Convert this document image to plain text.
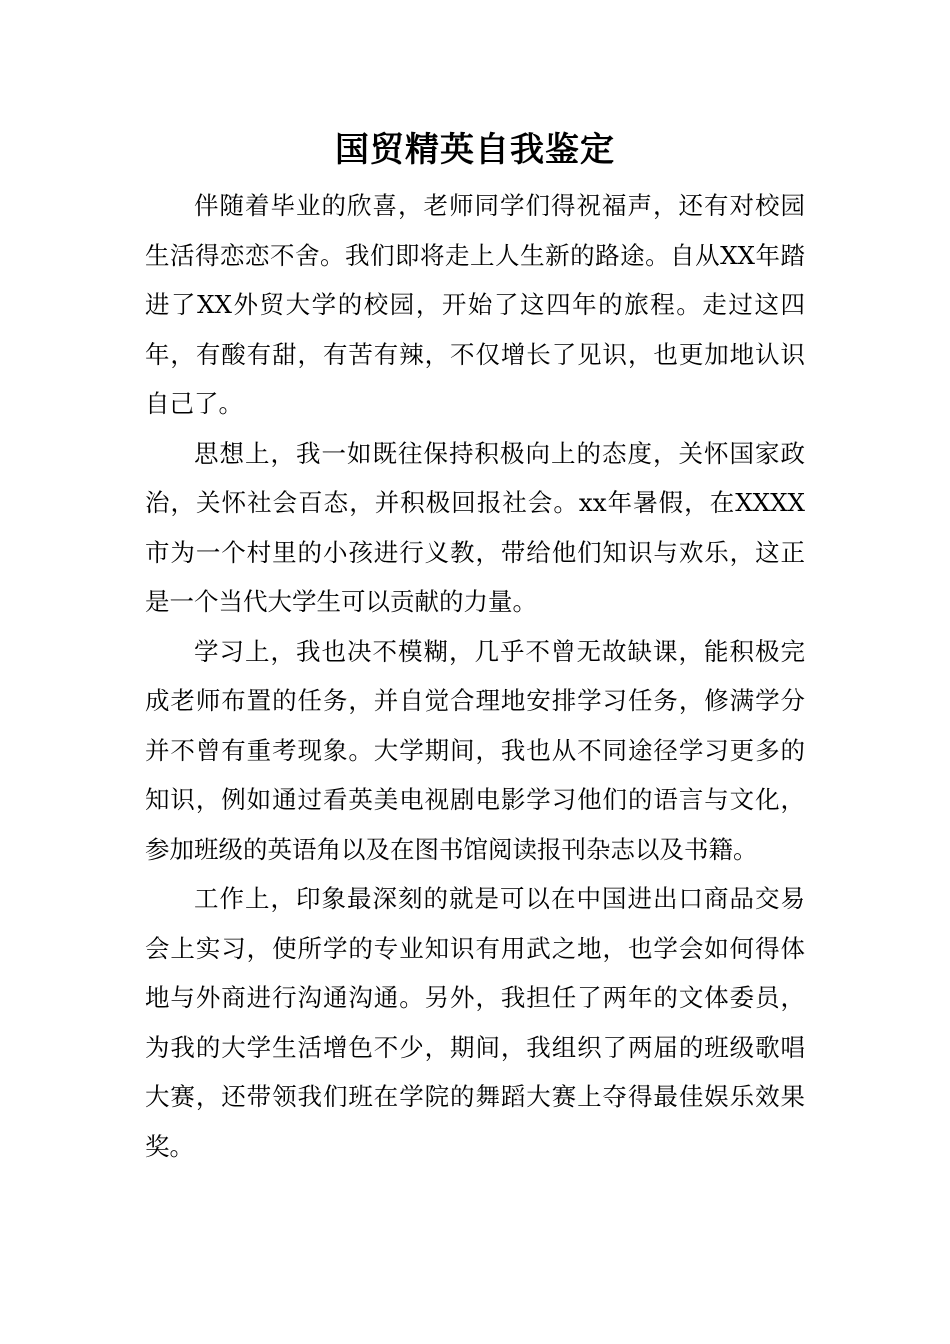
国贸精英自我鉴定

伴随着毕业的欣喜，老师同学们得祝福声，还有对校园生活得恋恋不舍。我们即将走上人生新的路途。自从XX年踏进了XX外贸大学的校园，开始了这四年的旅程。走过这四年，有酸有甜，有苦有辣，不仅增长了见识，也更加地认识自己了。

思想上，我一如既往保持积极向上的态度，关怀国家政治，关怀社会百态，并积极回报社会。xx年暑假，在XXXX市为一个村里的小孩进行义教，带给他们知识与欢乐，这正是一个当代大学生可以贡献的力量。

学习上，我也决不模糊，几乎不曾无故缺课，能积极完成老师布置的任务，并自觉合理地安排学习任务，修满学分并不曾有重考现象。大学期间，我也从不同途径学习更多的知识，例如通过看英美电视剧电影学习他们的语言与文化，参加班级的英语角以及在图书馆阅读报刊杂志以及书籍。

工作上，印象最深刻的就是可以在中国进出口商品交易会上实习，使所学的专业知识有用武之地，也学会如何得体地与外商进行沟通沟通。另外，我担任了两年的文体委员，为我的大学生活增色不少，期间，我组织了两届的班级歌唱大赛，还带领我们班在学院的舞蹈大赛上夺得最佳娱乐效果奖。
